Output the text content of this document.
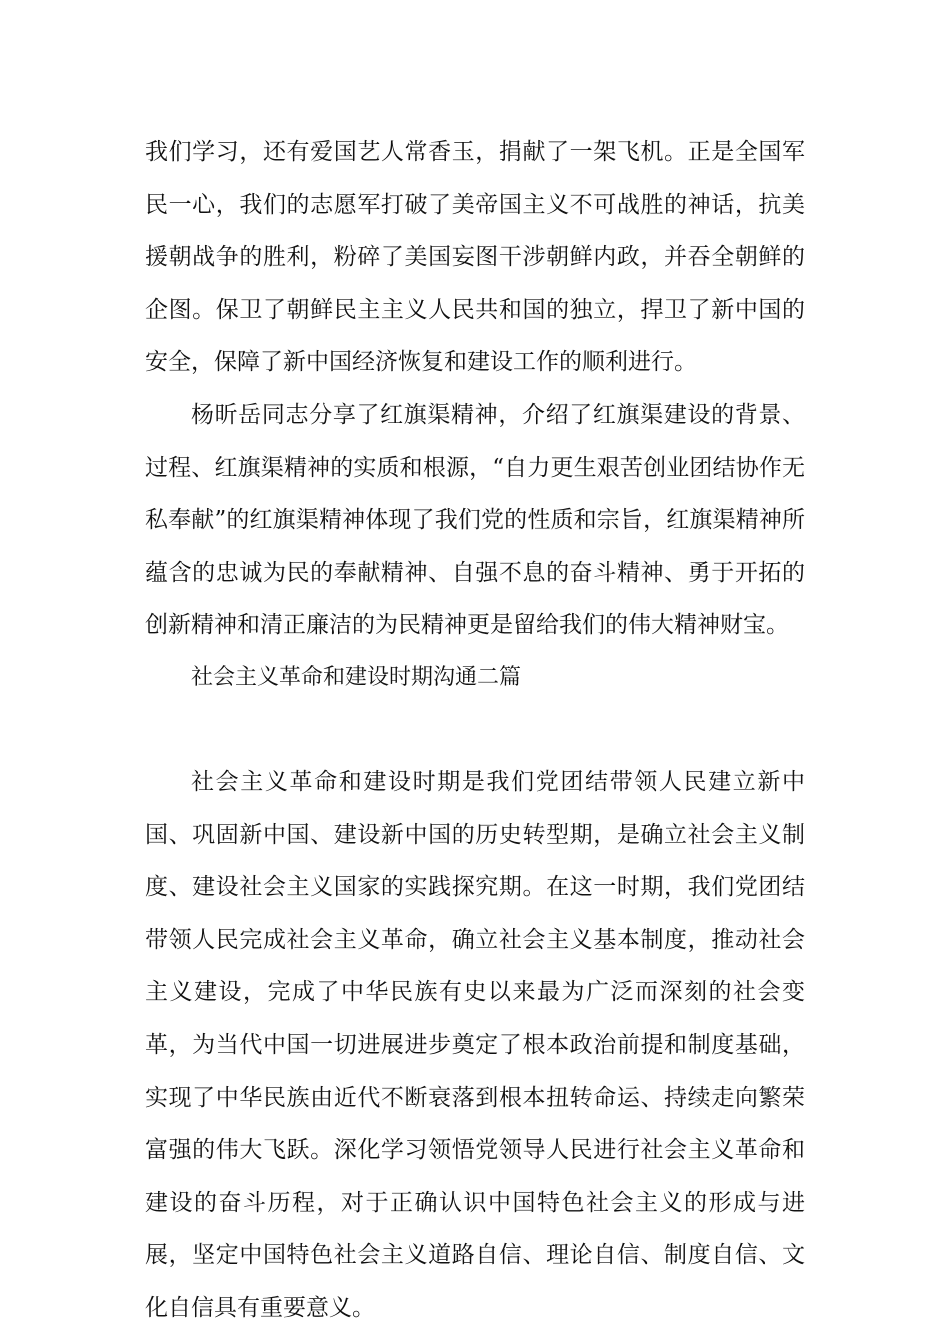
我们学习，还有爱国艺人常香玉，捐献了一架飞机。正是全国军民一心，我们的志愿军打破了美帝国主义不可战胜的神话，抗美援朝战争的胜利，粉碎了美国妄图干涉朝鲜内政，并吞全朝鲜的企图。保卫了朝鲜民主主义人民共和国的独立，捍卫了新中国的安全，保障了新中国经济恢复和建设工作的顺利进行。

杨昕岳同志分享了红旗渠精神，介绍了红旗渠建设的背景、过程、红旗渠精神的实质和根源，“自力更生艰苦创业团结协作无私奉献”的红旗渠精神体现了我们党的性质和宗旨，红旗渠精神所蕴含的忠诚为民的奉献精神、自强不息的奋斗精神、勇于开拓的创新精神和清正廉洁的为民精神更是留给我们的伟大精神财宝。

社会主义革命和建设时期沟通二篇

社会主义革命和建设时期是我们党团结带领人民建立新中国、巩固新中国、建设新中国的历史转型期，是确立社会主义制度、建设社会主义国家的实践探究期。在这一时期，我们党团结带领人民完成社会主义革命，确立社会主义基本制度，推动社会主义建设，完成了中华民族有史以来最为广泛而深刻的社会变革，为当代中国一切进展进步奠定了根本政治前提和制度基础，实现了中华民族由近代不断衰落到根本扭转命运、持续走向繁荣富强的伟大飞跃。深化学习领悟党领导人民进行社会主义革命和建设的奋斗历程，对于正确认识中国特色社会主义的形成与进展，坚定中国特色社会主义道路自信、理论自信、制度自信、文化自信具有重要意义。
